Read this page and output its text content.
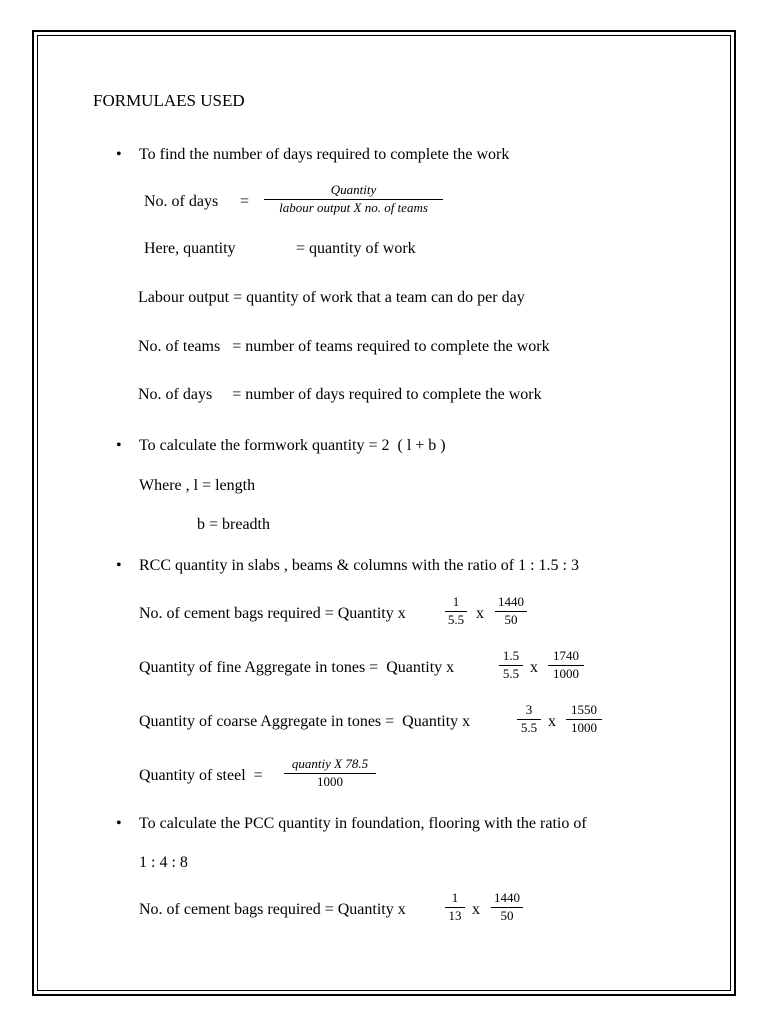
FORMULAES USED
• To find the number of days required to complete the work
No. of days =
Quantity
labour output X no. of teams
Here, quantity	= quantity of work
Labour output = quantity of work that a team can do per day
No. of teams   = number of teams required to complete the work
No. of days     = number of days required to complete the work
• To calculate the formwork quantity = 2  ( l + b )
Where , l = length
b = breadth
• RCC quantity in slabs , beams & columns with the ratio of 1 : 1.5 : 3
No. of cement bags required = Quantity x
1
5.5 x
1440
50
Quantity of fine Aggregate in tones =  Quantity x
1.5
5.5 x
1740
1000
Quantity of coarse Aggregate in tones =  Quantity x
3
5.5 x
1550
1000
Quantity of steel  =
quantiy X 78.5
1000
• To calculate the PCC quantity in foundation, flooring with the ratio of
1 : 4 : 8
No. of cement bags required = Quantity x
1
13 x
1440
50
